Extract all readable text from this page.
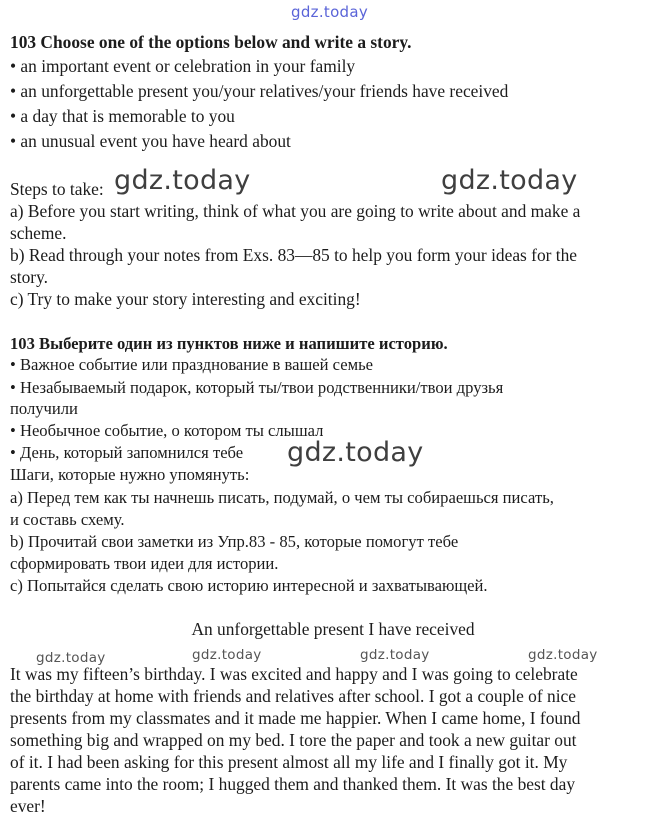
gdz.today
103 Choose one of the options below and write a story.
• an important event or celebration in your family
• an unforgettable present you/your relatives/your friends have received
• a day that is memorable to you
• an unusual event you have heard about
Steps to take: gdz.today	gdz.today
a) Before you start writing, think of what you are going to write about and make a
scheme.
b) Read through your notes from Exs. 83—85 to help you form your ideas for the
story.
c) Try to make your story interesting and exciting!
103 Выберите один из пунктов ниже и напишите историю.
• Важное событие или празднование в вашей семье
• Незабываемый подарок, который ты/твои родственники/твои друзья
получили
• Необычное событие, о котором ты слышал
• День, который запомнился тебе gdz.today
Шаги, которые нужно упомянуть:
а) Перед тем как ты начнешь писать, подумай, о чем ты собираешься писать,
и составь схему.
b) Прочитай свои заметки из Упр.83 - 85, которые помогут тебе
сформировать твои идеи для истории.
с) Попытайся сделать свою историю интересной и захватывающей.
An unforgettable present I have received
gdz.today	gdz.today	gdz.today	gdz.today
It was my fifteen’s birthday. I was excited and happy and I was going to celebrate
the birthday at home with friends and relatives after school. I got a couple of nice
presents from my classmates and it made me happier. When I came home, I found
something big and wrapped on my bed. I tore the paper and took a new guitar out
of it. I had been asking for this present almost all my life and I finally got it. My
parents came into the room; I hugged them and thanked them. It was the best day
ever!
